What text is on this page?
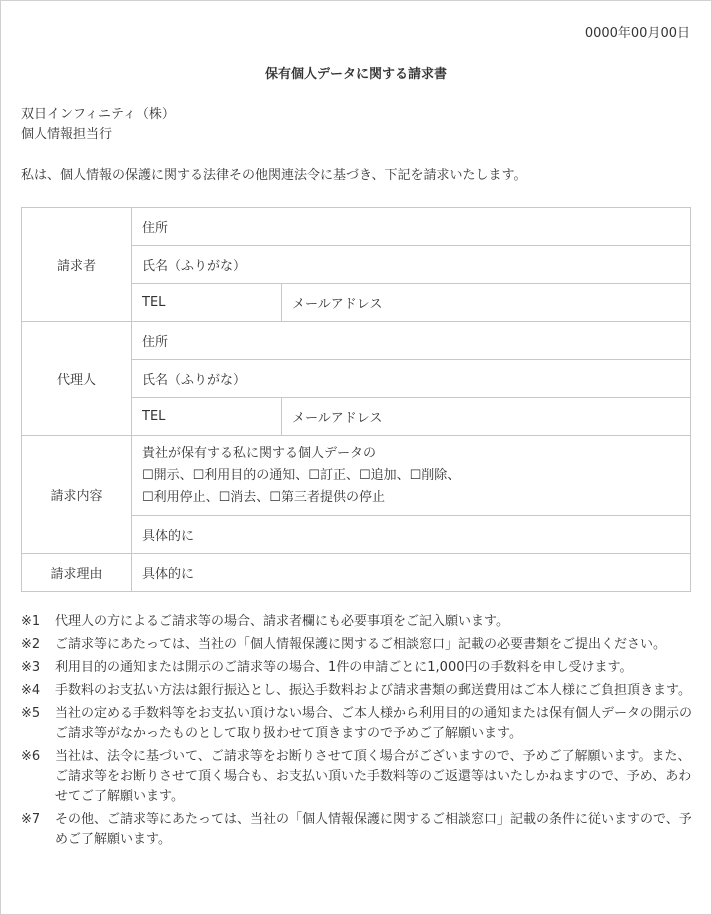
0000年00月00日
保有個人データに関する請求書
双日インフィニティ（株）
個人情報担当行
私は、個人情報の保護に関する法律その他関連法令に基づき、下記を請求いたします。
請求者	住所	
	氏名（ふりがな）	
	TEL	メールアドレス
代理人	住所	
	氏名（ふりがな）	
	TEL	メールアドレス
請求内容	貴社が保有する私に関する個人データの
☐開示、☐利用目的の通知、☐訂正、☐追加、☐削除、
☐利用停止、☐消去、☐第三者提供の停止	

	具体的に	
請求理由	具体的に	
※1	代理人の方によるご請求等の場合、請求者欄にも必要事項をご記入願います。
※2	ご請求等にあたっては、当社の「個人情報保護に関するご相談窓口」記載の必要書類をご提出ください。
※3	利用目的の通知または開示のご請求等の場合、1件の申請ごとに1,000円の手数料を申し受けます。
※4	手数料のお支払い方法は銀行振込とし、振込手数料および請求書類の郵送費用はご本人様にご負担頂きます。
※5	当社の定める手数料等をお支払い頂けない場合、ご本人様から利用目的の通知または保有個人データの開示のご請求等がなかったものとして取り扱わせて頂きますので予めご了解願います。
※6	当社は、法令に基づいて、ご請求等をお断りさせて頂く場合がございますので、予めご了解願います。また、ご請求等をお断りさせて頂く場合も、お支払い頂いた手数料等のご返還等はいたしかねますので、予め、あわせてご了解願います。
※7	その他、ご請求等にあたっては、当社の「個人情報保護に関するご相談窓口」記載の条件に従いますので、予めご了解願います。
